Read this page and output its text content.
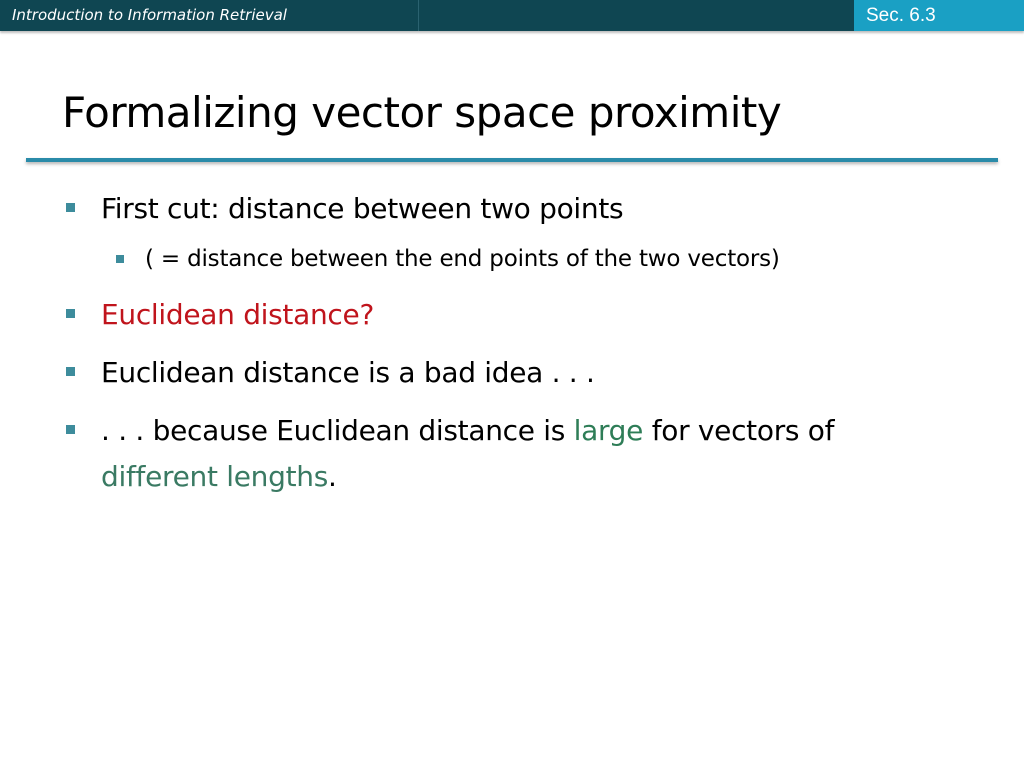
Introduction to Information Retrieval	Sec. 6.3
Formalizing vector space proximity
First cut: distance between two points
( = distance between the end points of the two vectors)
Euclidean distance?
Euclidean distance is a bad idea . . .
. . . because Euclidean distance is large for vectors of
different lengths.
